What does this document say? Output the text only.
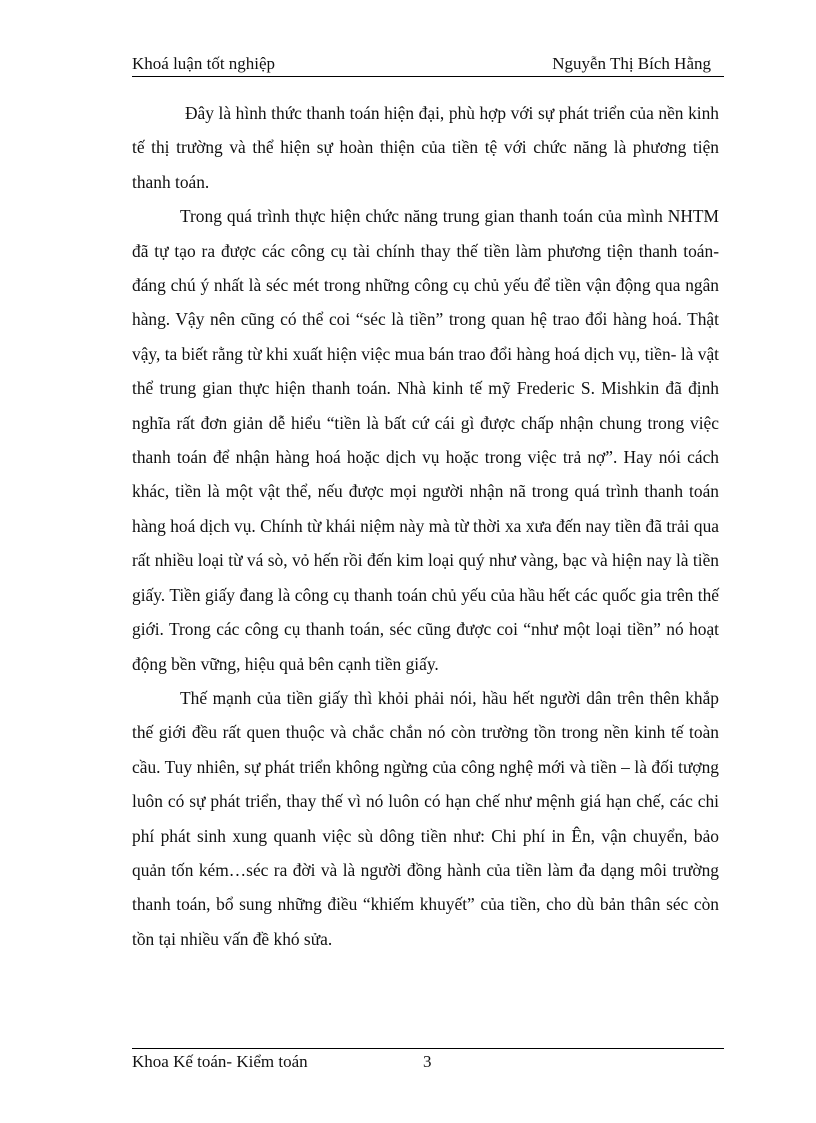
Khoá luận tốt nghiệp	Nguyễn Thị Bích Hằng

Đây là hình thức thanh toán hiện đại, phù hợp với sự phát triển của nền kinh tế thị trường và thể hiện sự hoàn thiện của tiền tệ với chức năng là phương tiện thanh toán.

Trong quá trình thực hiện chức năng trung gian thanh toán của mình NHTM đã tự tạo ra được các công cụ tài chính thay thế tiền làm phương tiện thanh toán- đáng chú ý nhất là séc mét trong những công cụ chủ yếu để tiền vận động qua ngân hàng. Vậy nên cũng có thể coi “séc là tiền” trong quan hệ trao đổi hàng hoá. Thật vậy, ta biết rằng từ khi xuất hiện việc mua bán trao đổi hàng hoá dịch vụ, tiền- là vật thể trung gian thực hiện thanh toán. Nhà kinh tế mỹ Frederic S. Mishkin đã định nghĩa rất đơn giản dễ hiểu “tiền là bất cứ cái gì được chấp nhận chung trong việc thanh toán để nhận hàng hoá hoặc dịch vụ hoặc trong việc trả nợ”. Hay nói cách khác, tiền là một vật thể, nếu được mọi người nhận nã trong quá trình thanh toán hàng hoá dịch vụ. Chính từ khái niệm này mà từ thời xa xưa đến nay tiền đã trải qua rất nhiều loại từ vá sò, vỏ hến rồi đến kim loại quý như vàng, bạc và hiện nay là tiền giấy. Tiền giấy đang là công cụ thanh toán chủ yếu của hầu hết các quốc gia trên thế giới. Trong các công cụ thanh toán, séc cũng được coi “như một loại tiền” nó hoạt động bền vững, hiệu quả bên cạnh tiền giấy.

Thế mạnh của tiền giấy thì khỏi phải nói, hầu hết người dân trên thên khắp thế giới đều rất quen thuộc và chắc chắn nó còn trường tồn trong nền kinh tế toàn cầu. Tuy nhiên, sự phát triển không ngừng của công nghệ mới và tiền – là đối tượng luôn có sự phát triển, thay thế vì nó luôn có hạn chế như mệnh giá hạn chế, các chi phí phát sinh xung quanh việc sù dông tiền như: Chi phí in Ên, vận chuyển, bảo quản tốn kém…séc ra đời và là người đồng hành của tiền làm đa dạng môi trường thanh toán, bổ sung những điều “khiếm khuyết” của tiền, cho dù bản thân séc còn tồn tại nhiều vấn đề khó sửa.

Khoa Kế toán- Kiểm toán	3
